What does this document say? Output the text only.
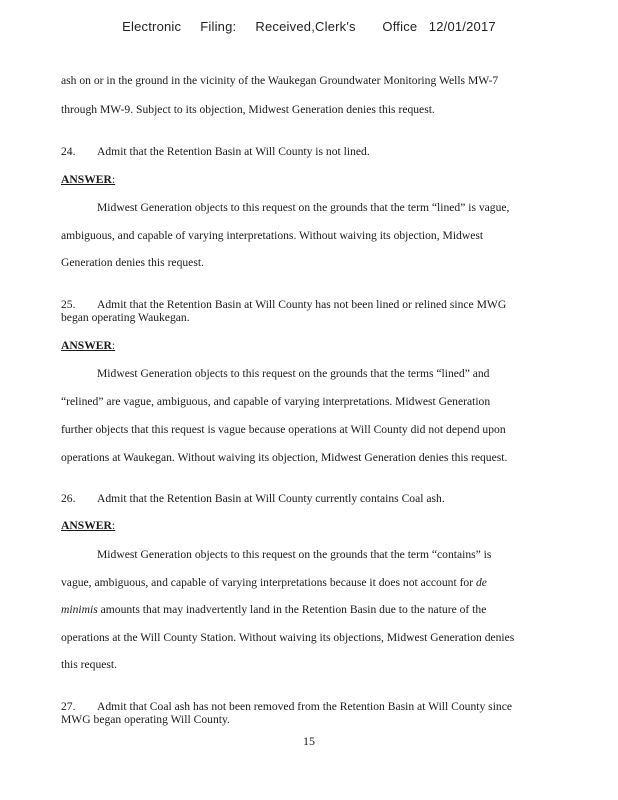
Electronic     Filing:     Received,Clerk's       Office   12/01/2017
ash on or in the ground in the vicinity of the Waukegan Groundwater Monitoring Wells MW-7
through MW-9. Subject to its objection, Midwest Generation denies this request.
24. Admit that the Retention Basin at Will County is not lined.
ANSWER:
Midwest Generation objects to this request on the grounds that the term “lined” is vague,
ambiguous, and capable of varying interpretations. Without waiving its objection, Midwest
Generation denies this request.
25. Admit that the Retention Basin at Will County has not been lined or relined since MWG
began operating Waukegan.
ANSWER:
Midwest Generation objects to this request on the grounds that the terms “lined” and
“relined” are vague, ambiguous, and capable of varying interpretations. Midwest Generation
further objects that this request is vague because operations at Will County did not depend upon
operations at Waukegan. Without waiving its objection, Midwest Generation denies this request.
26. Admit that the Retention Basin at Will County currently contains Coal ash.
ANSWER:
Midwest Generation objects to this request on the grounds that the term “contains” is
vague, ambiguous, and capable of varying interpretations because it does not account for de
minimis amounts that may inadvertently land in the Retention Basin due to the nature of the
operations at the Will County Station. Without waiving its objections, Midwest Generation denies
this request.
27. Admit that Coal ash has not been removed from the Retention Basin at Will County since
MWG began operating Will County.
15
